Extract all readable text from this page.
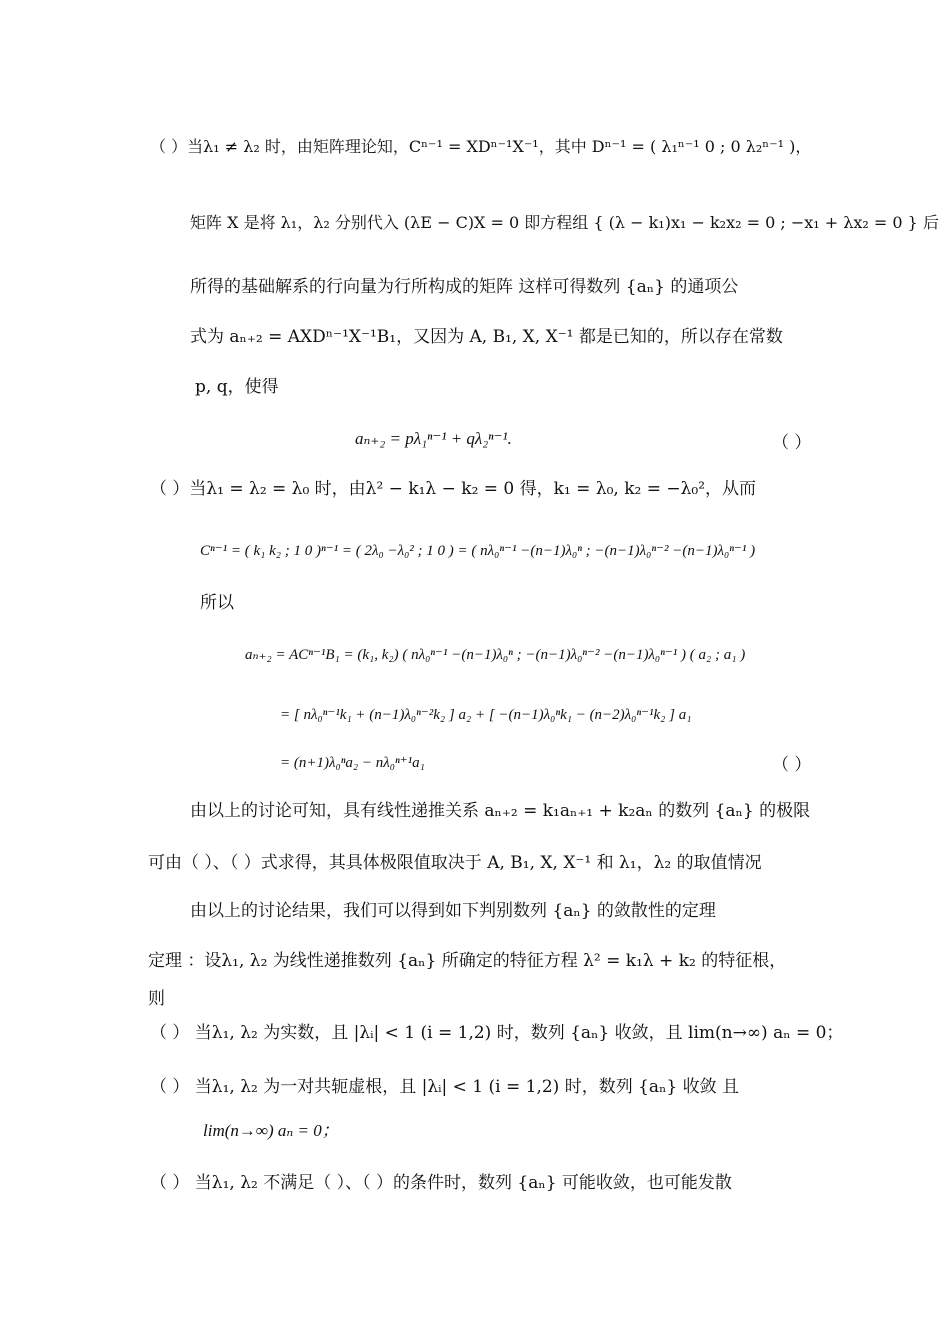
（ ）当λ₁ ≠ λ₂ 时，由矩阵理论知，Cⁿ⁻¹ = XDⁿ⁻¹X⁻¹，其中 Dⁿ⁻¹ = ( λ₁ⁿ⁻¹ 0 ; 0 λ₂ⁿ⁻¹ )，
矩阵 X 是将 λ₁，λ₂ 分别代入 (λE − C)X = 0 即方程组 { (λ − k₁)x₁ − k₂x₂ = 0 ; −x₁ + λx₂ = 0 } 后
所得的基础解系的行向量为行所构成的矩阵 这样可得数列 {aₙ} 的通项公
式为 aₙ₊₂ = AXDⁿ⁻¹X⁻¹B₁，又因为 A, B₁, X, X⁻¹ 都是已知的，所以存在常数
p, q，使得
aₙ₊₂ = pλ₁ⁿ⁻¹ + qλ₂ⁿ⁻¹.	（ ）
（ ）当λ₁ = λ₂ = λ₀ 时，由λ² − k₁λ − k₂ = 0 得，k₁ = λ₀, k₂ = −λ₀²，从而
Cⁿ⁻¹ = ( k₁ k₂ ; 1 0 )ⁿ⁻¹ = ( 2λ₀ −λ₀² ; 1 0 ) = ( nλ₀ⁿ⁻¹ −(n−1)λ₀ⁿ ; −(n−1)λ₀ⁿ⁻² −(n−1)λ₀ⁿ⁻¹ )
所以
aₙ₊₂ = ACⁿ⁻¹B₁ = (k₁, k₂) ( nλ₀ⁿ⁻¹ −(n−1)λ₀ⁿ ; −(n−1)λ₀ⁿ⁻² −(n−1)λ₀ⁿ⁻¹ ) ( a₂ ; a₁ )
= [ nλ₀ⁿ⁻¹k₁ + (n−1)λ₀ⁿ⁻²k₂ ] a₂ + [ −(n−1)λ₀ⁿk₁ − (n−2)λ₀ⁿ⁻¹k₂ ] a₁
= (n+1)λ₀ⁿa₂ − nλ₀ⁿ⁺¹a₁	（ ）
由以上的讨论可知，具有线性递推关系 aₙ₊₂ = k₁aₙ₊₁ + k₂aₙ 的数列 {aₙ} 的极限
可由（ ）、（ ）式求得，其具体极限值取决于 A, B₁, X, X⁻¹ 和 λ₁，λ₂ 的取值情况
由以上的讨论结果，我们可以得到如下判别数列 {aₙ} 的敛散性的定理
定理 ：设λ₁, λ₂ 为线性递推数列 {aₙ} 所确定的特征方程 λ² = k₁λ + k₂ 的特征根，
则
（ ） 当λ₁, λ₂ 为实数，且 |λᵢ| < 1 (i = 1,2) 时，数列 {aₙ} 收敛，且 lim(n→∞) aₙ = 0；
（ ） 当λ₁, λ₂ 为一对共轭虚根，且 |λᵢ| < 1 (i = 1,2) 时，数列 {aₙ} 收敛 且
lim(n→∞) aₙ = 0；
（ ） 当λ₁, λ₂ 不满足（ ）、（ ）的条件时，数列 {aₙ} 可能收敛，也可能发散
